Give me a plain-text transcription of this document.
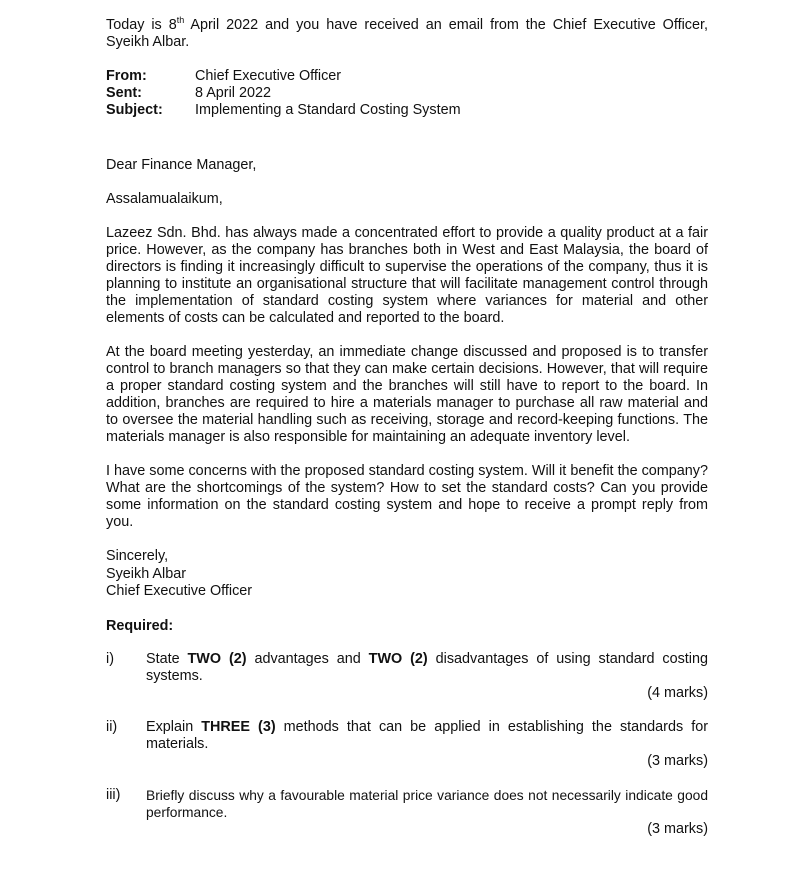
Today is 8th April 2022 and you have received an email from the Chief Executive Officer, Syeikh Albar.

From:	Chief Executive Officer
Sent:	8 April 2022
Subject:	Implementing a Standard Costing System

Dear Finance Manager,

Assalamualaikum,

Lazeez Sdn. Bhd. has always made a concentrated effort to provide a quality product at a fair price. However, as the company has branches both in West and East Malaysia, the board of directors is finding it increasingly difficult to supervise the operations of the company, thus it is planning to institute an organisational structure that will facilitate management control through the implementation of standard costing system where variances for material and other elements of costs can be calculated and reported to the board.

At the board meeting yesterday, an immediate change discussed and proposed is to transfer control to branch managers so that they can make certain decisions. However, that will require a proper standard costing system and the branches will still have to report to the board. In addition, branches are required to hire a materials manager to purchase all raw material and to oversee the material handling such as receiving, storage and record-keeping functions. The materials manager is also responsible for maintaining an adequate inventory level.

I have some concerns with the proposed standard costing system. Will it benefit the company? What are the shortcomings of the system? How to set the standard costs? Can you provide some information on the standard costing system and hope to receive a prompt reply from you.

Sincerely,
Syeikh Albar
Chief Executive Officer
Required:
i)	State TWO (2) advantages and TWO (2) disadvantages of using standard costing systems.

(4 marks)
ii)	Explain THREE (3) methods that can be applied in establishing the standards for materials.

(3 marks)
iii)	Briefly discuss why a favourable material price variance does not necessarily indicate good performance.

(3 marks)
